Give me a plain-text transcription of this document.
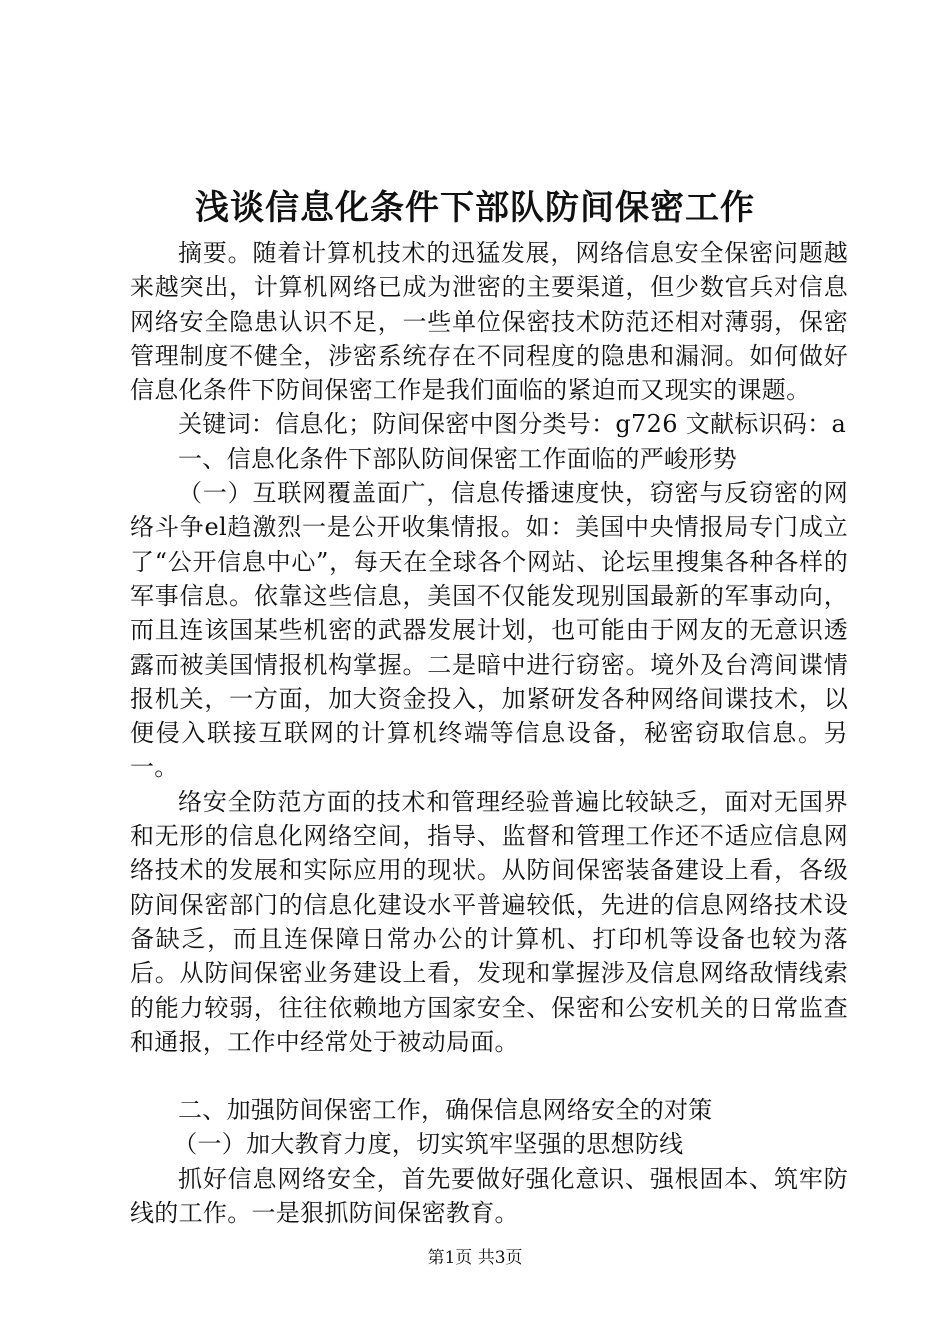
浅谈信息化条件下部队防间保密工作

摘要。随着计算机技术的迅猛发展，网络信息安全保密问题越来越突出，计算机网络已成为泄密的主要渠道，但少数官兵对信息网络安全隐患认识不足，一些单位保密技术防范还相对薄弱，保密管理制度不健全，涉密系统存在不同程度的隐患和漏洞。如何做好信息化条件下防间保密工作是我们面临的紧迫而又现实的课题。

关键词：信息化；防间保密中图分类号：g726 文献标识码：a

一、信息化条件下部队防间保密工作面临的严峻形势

（一）互联网覆盖面广，信息传播速度快，窃密与反窃密的网络斗争el趋激烈一是公开收集情报。如：美国中央情报局专门成立了“公开信息中心”，每天在全球各个网站、论坛里搜集各种各样的军事信息。依靠这些信息，美国不仅能发现别国最新的军事动向，而且连该国某些机密的武器发展计划，也可能由于网友的无意识透露而被美国情报机构掌握。二是暗中进行窃密。境外及台湾间谍情报机关，一方面，加大资金投入，加紧研发各种网络间谍技术，以便侵入联接互联网的计算机终端等信息设备，秘密窃取信息。另一。

络安全防范方面的技术和管理经验普遍比较缺乏，面对无国界和无形的信息化网络空间，指导、监督和管理工作还不适应信息网络技术的发展和实际应用的现状。从防间保密装备建设上看，各级防间保密部门的信息化建设水平普遍较低，先进的信息网络技术设备缺乏，而且连保障日常办公的计算机、打印机等设备也较为落后。从防间保密业务建设上看，发现和掌握涉及信息网络敌情线索的能力较弱，往往依赖地方国家安全、保密和公安机关的日常监查和通报，工作中经常处于被动局面。

二、加强防间保密工作，确保信息网络安全的对策

（一）加大教育力度，切实筑牢坚强的思想防线

抓好信息网络安全，首先要做好强化意识、强根固本、筑牢防线的工作。一是狠抓防间保密教育。

第1页 共3页
